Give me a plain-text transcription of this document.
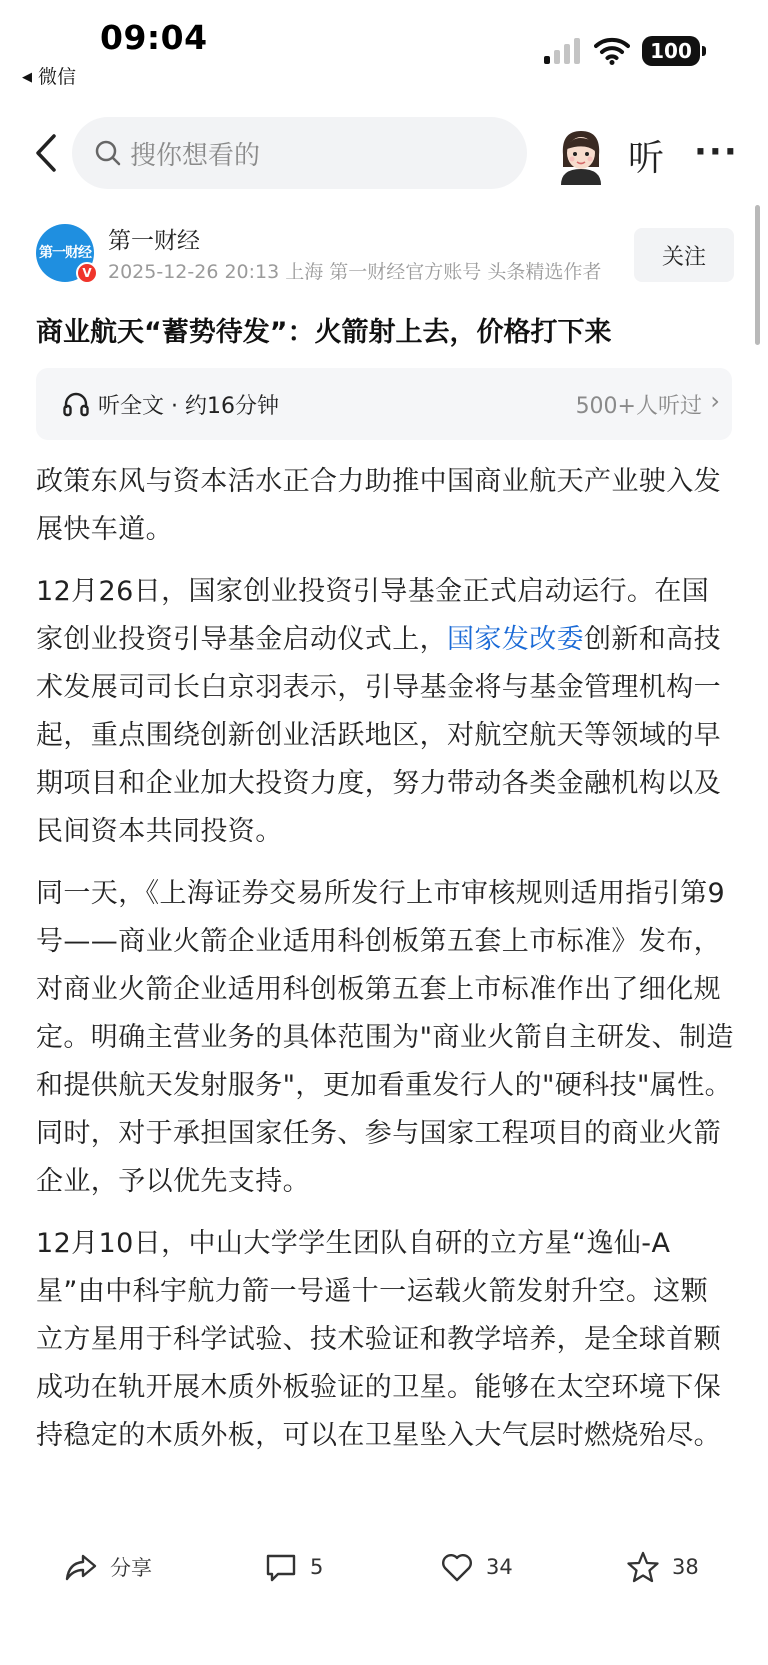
09:04
◀ 微信
100
搜你想看的	听 ···
第一财经
V
第一财经
2025-12-26 20:13 上海 第一财经官方账号 头条精选作者
关注
商业航天“蓄势待发”：火箭射上去，价格打下来
听全文 · 约16分钟	500+人听过 ›

政策东风与资本活水正合力助推中国商业航天产业驶入发展快车道。

12月26日，国家创业投资引导基金正式启动运行。在国家创业投资引导基金启动仪式上，国家发改委创新和高技术发展司司长白京羽表示，引导基金将与基金管理机构一起，重点围绕创新创业活跃地区，对航空航天等领域的早期项目和企业加大投资力度，努力带动各类金融机构以及民间资本共同投资。

同一天，《上海证券交易所发行上市审核规则适用指引第9号——商业火箭企业适用科创板第五套上市标准》发布，对商业火箭企业适用科创板第五套上市标准作出了细化规定。明确主营业务的具体范围为"商业火箭自主研发、制造和提供航天发射服务"，更加看重发行人的"硬科技"属性。同时，对于承担国家任务、参与国家工程项目的商业火箭企业，予以优先支持。

12月10日，中山大学学生团队自研的立方星“逸仙-A星”由中科宇航力箭一号遥十一运载火箭发射升空。这颗立方星用于科学试验、技术验证和教学培养，是全球首颗成功在轨开展木质外板验证的卫星。能够在太空环境下保持稳定的木质外板，可以在卫星坠入大气层时燃烧殆尽。

分享	5	34	38
